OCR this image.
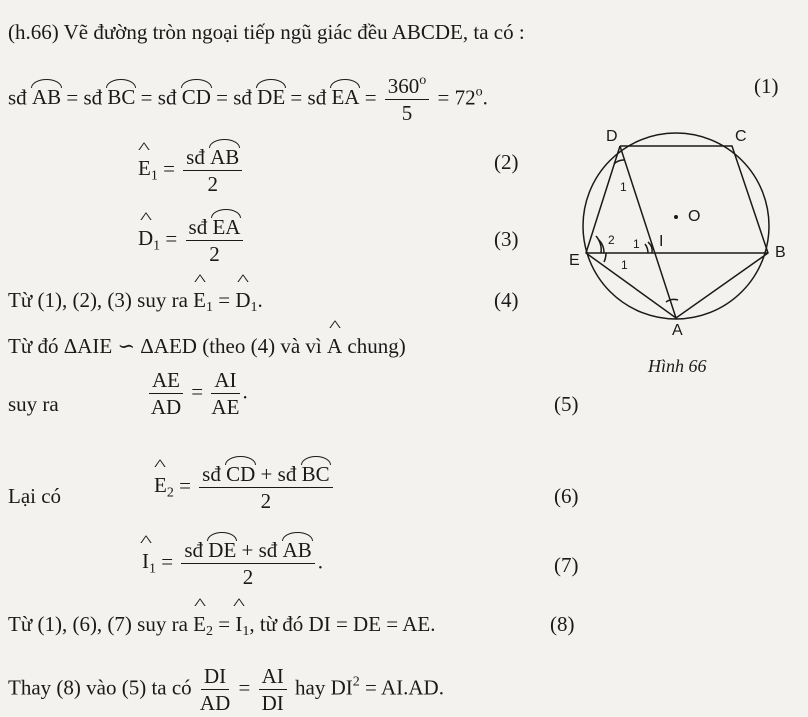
(h.66) Vẽ đường tròn ngoại tiếp ngũ giác đều ABCDE, ta có :
sđ AB = sđ BC = sđ CD = sđ DE = sđ EA = $\frac{360^o}{5} = 72^o$.	(1)
^ $E_1 = \frac{\text{sđ AB}}{2}$	(2)
^ $D_1 = \frac{\text{sđ EA}}{2}$	(3)
Từ (1), (2), (3) suy ra ^ $E_1$ = ^ $D_1$.	(4)
Từ đó ΔAIE ∽ ΔAED (theo (4) và vì ^ A chung)
suy ra	$\frac{AE}{AD} = \frac{AI}{AE}$ .
(5)
Lại có	^ $E_2 = \frac{\text{sđ CD + sđ BC}}{2}$	(6)
^ $I_1 = \frac{\text{sđ DE + sđ AB}}{2}$ .	(7)
Từ (1), (6), (7) suy ra ^ $E_2$ = ^ $I_1$, từ đó DI = DE = AE.	(8)
Thay (8) vào (5) ta có $\frac{DI}{AD} = \frac{AI}{DI}$ hay $DI^2 = AI.AD$.
D	C
B
E
A
I
O
1
2 1
1
Hình 66
